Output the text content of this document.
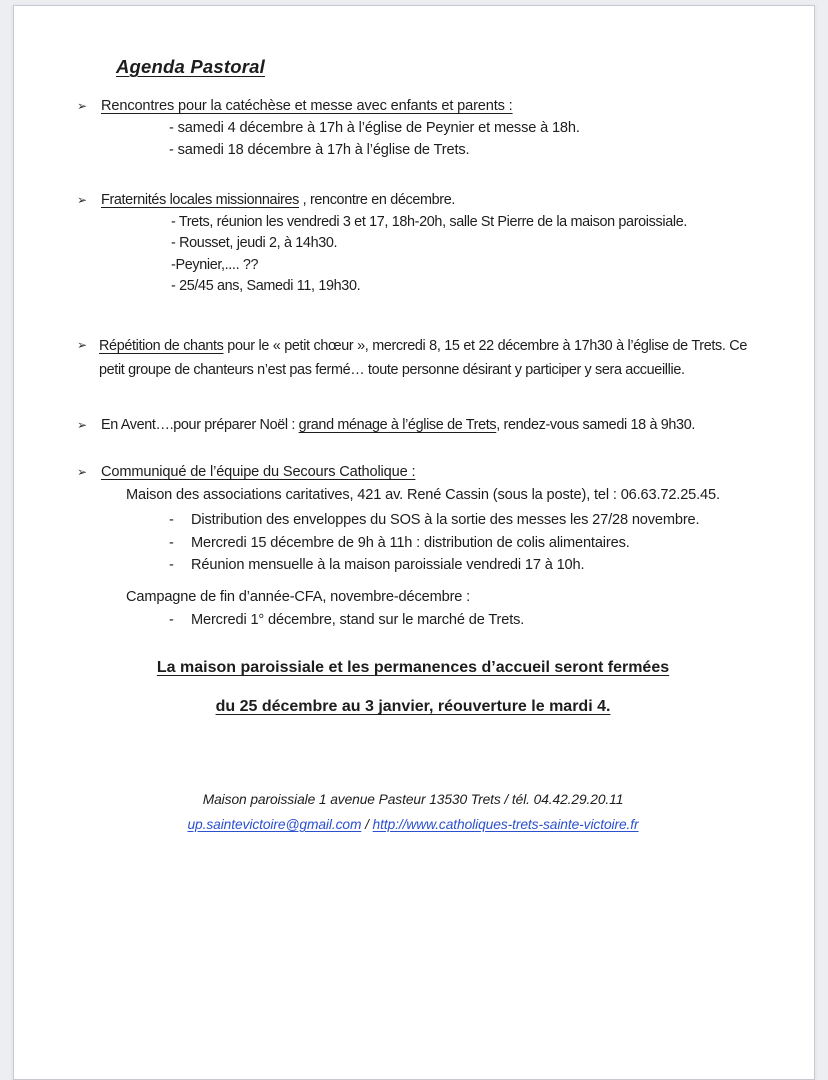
Agenda Pastoral
➢ Rencontres pour la catéchèse et messe avec enfants et parents :
- samedi 4 décembre à 17h à l’église de Peynier et messe à 18h.
- samedi 18 décembre à 17h à l’église de Trets.
➢ Fraternités locales missionnaires , rencontre en décembre.
- Trets, réunion les vendredi 3 et 17, 18h-20h, salle St Pierre de la maison paroissiale.
- Rousset, jeudi 2, à 14h30.
-Peynier,.... ??
- 25/45 ans, Samedi 11, 19h30.
➢ Répétition de chants pour le « petit chœur », mercredi 8, 15 et 22 décembre à 17h30 à l’église de Trets. Ce petit groupe de chanteurs n’est pas fermé… toute personne désirant y participer y sera accueillie.

➢ En Avent….pour préparer Noël : grand ménage à l’église de Trets, rendez-vous samedi 18 à 9h30.
➢ Communiqué de l’équipe du Secours Catholique :
Maison des associations caritatives, 421 av. René Cassin (sous la poste), tel : 06.63.72.25.45.
-	Distribution des enveloppes du SOS à la sortie des messes les 27/28 novembre.
-	Mercredi 15 décembre de 9h à 11h : distribution de colis alimentaires.
-	Réunion mensuelle à la maison paroissiale vendredi 17 à 10h.
Campagne de fin d’année-CFA, novembre-décembre :
-	Mercredi 1° décembre, stand sur le marché de Trets.
La maison paroissiale et les permanences d’accueil seront fermées
du 25 décembre au 3 janvier, réouverture le mardi 4.
Maison paroissiale 1 avenue Pasteur 13530 Trets / tél. 04.42.29.20.11
up.saintevictoire@gmail.com / http://www.catholiques-trets-sainte-victoire.fr
